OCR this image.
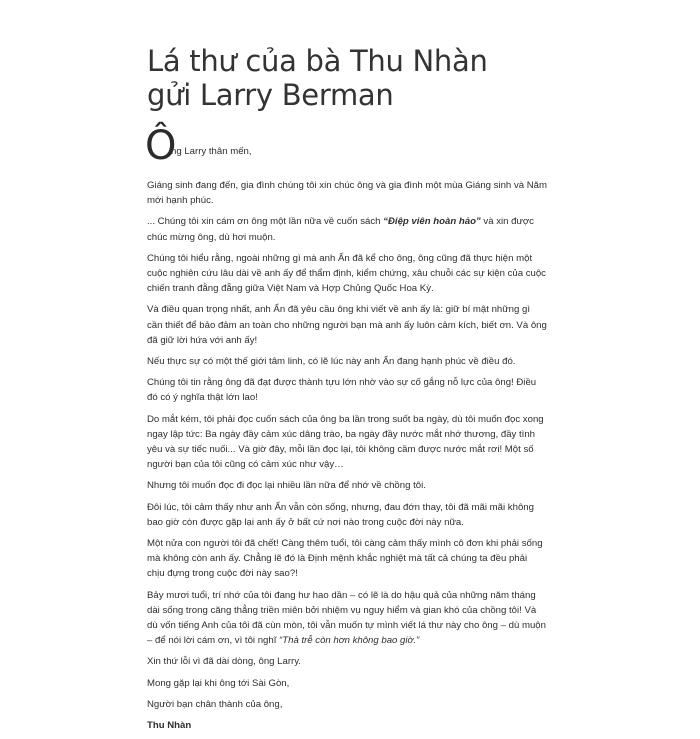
Lá thư của bà Thu Nhàn
gửi Larry Berman
Ô
ng Larry thân mến,

Giáng sinh đang đến, gia đình chúng tôi xin chúc ông và gia đình một mùa Giáng sinh và Năm mới hạnh phúc.

... Chúng tôi xin cám ơn ông một lần nữa về cuốn sách “Điệp viên hoàn hảo” và xin được chúc mừng ông, dù hơi muộn.

Chúng tôi hiểu rằng, ngoài những gì mà anh Ẩn đã kể cho ông, ông cũng đã thực hiện một cuộc nghiên cứu lâu dài về anh ấy để thẩm định, kiểm chứng, xâu chuỗi các sự kiện của cuộc chiến tranh đằng đẵng giữa Việt Nam và Hợp Chủng Quốc Hoa Kỳ.

Và điều quan trọng nhất, anh Ẩn đã yêu cầu ông khi viết về anh ấy là: giữ bí mật những gì cần thiết để bảo đảm an toàn cho những người bạn mà anh ấy luôn cảm kích, biết ơn. Và ông đã giữ lời hứa với anh ấy!

Nếu thực sự có một thế giới tâm linh, có lẽ lúc này anh Ẩn đang hạnh phúc về điều đó.

Chúng tôi tin rằng ông đã đạt được thành tựu lớn nhờ vào sự cố gắng nỗ lực của ông! Điều đó có ý nghĩa thật lớn lao!

Do mắt kém, tôi phải đọc cuốn sách của ông ba lần trong suốt ba ngày, dù tôi muốn đọc xong ngay lập tức: Ba ngày đầy cảm xúc dâng trào, ba ngày đầy nước mắt nhớ thương, đầy tình yêu và sự tiếc nuối... Và giờ đây, mỗi lần đọc lại, tôi không cầm được nước mắt rơi! Một số người bạn của tôi cũng có cảm xúc như vậy…

Nhưng tôi muốn đọc đi đọc lại nhiều lần nữa để nhớ về chồng tôi.

Đôi lúc, tôi cảm thấy như anh Ẩn vẫn còn sống, nhưng, đau đớn thay, tôi đã mãi mãi không bao giờ còn được gặp lại anh ấy ở bất cứ nơi nào trong cuộc đời này nữa.

Một nửa con người tôi đã chết! Càng thêm tuổi, tôi càng cảm thấy mình cô đơn khi phải sống mà không còn anh ấy. Chẳng lẽ đó là Định mệnh khắc nghiệt mà tất cả chúng ta đều phải chịu đựng trong cuộc đời này sao?!

Bảy mươi tuổi, trí nhớ của tôi đang hư hao dần – có lẽ là do hậu quả của những năm tháng dài sống trong căng thẳng triền miên bởi nhiệm vụ nguy hiểm và gian khó của chồng tôi! Và dù vốn tiếng Anh của tôi đã cùn mòn, tôi vẫn muốn tự mình viết lá thư này cho ông – dù muộn – để nói lời cám ơn, vì tôi nghĩ “Thà trễ còn hơn không bao giờ.”

Xin thứ lỗi vì đã dài dòng, ông Larry.

Mong gặp lại khi ông tới Sài Gòn,

Người bạn chân thành của ông,

Thu Nhàn
